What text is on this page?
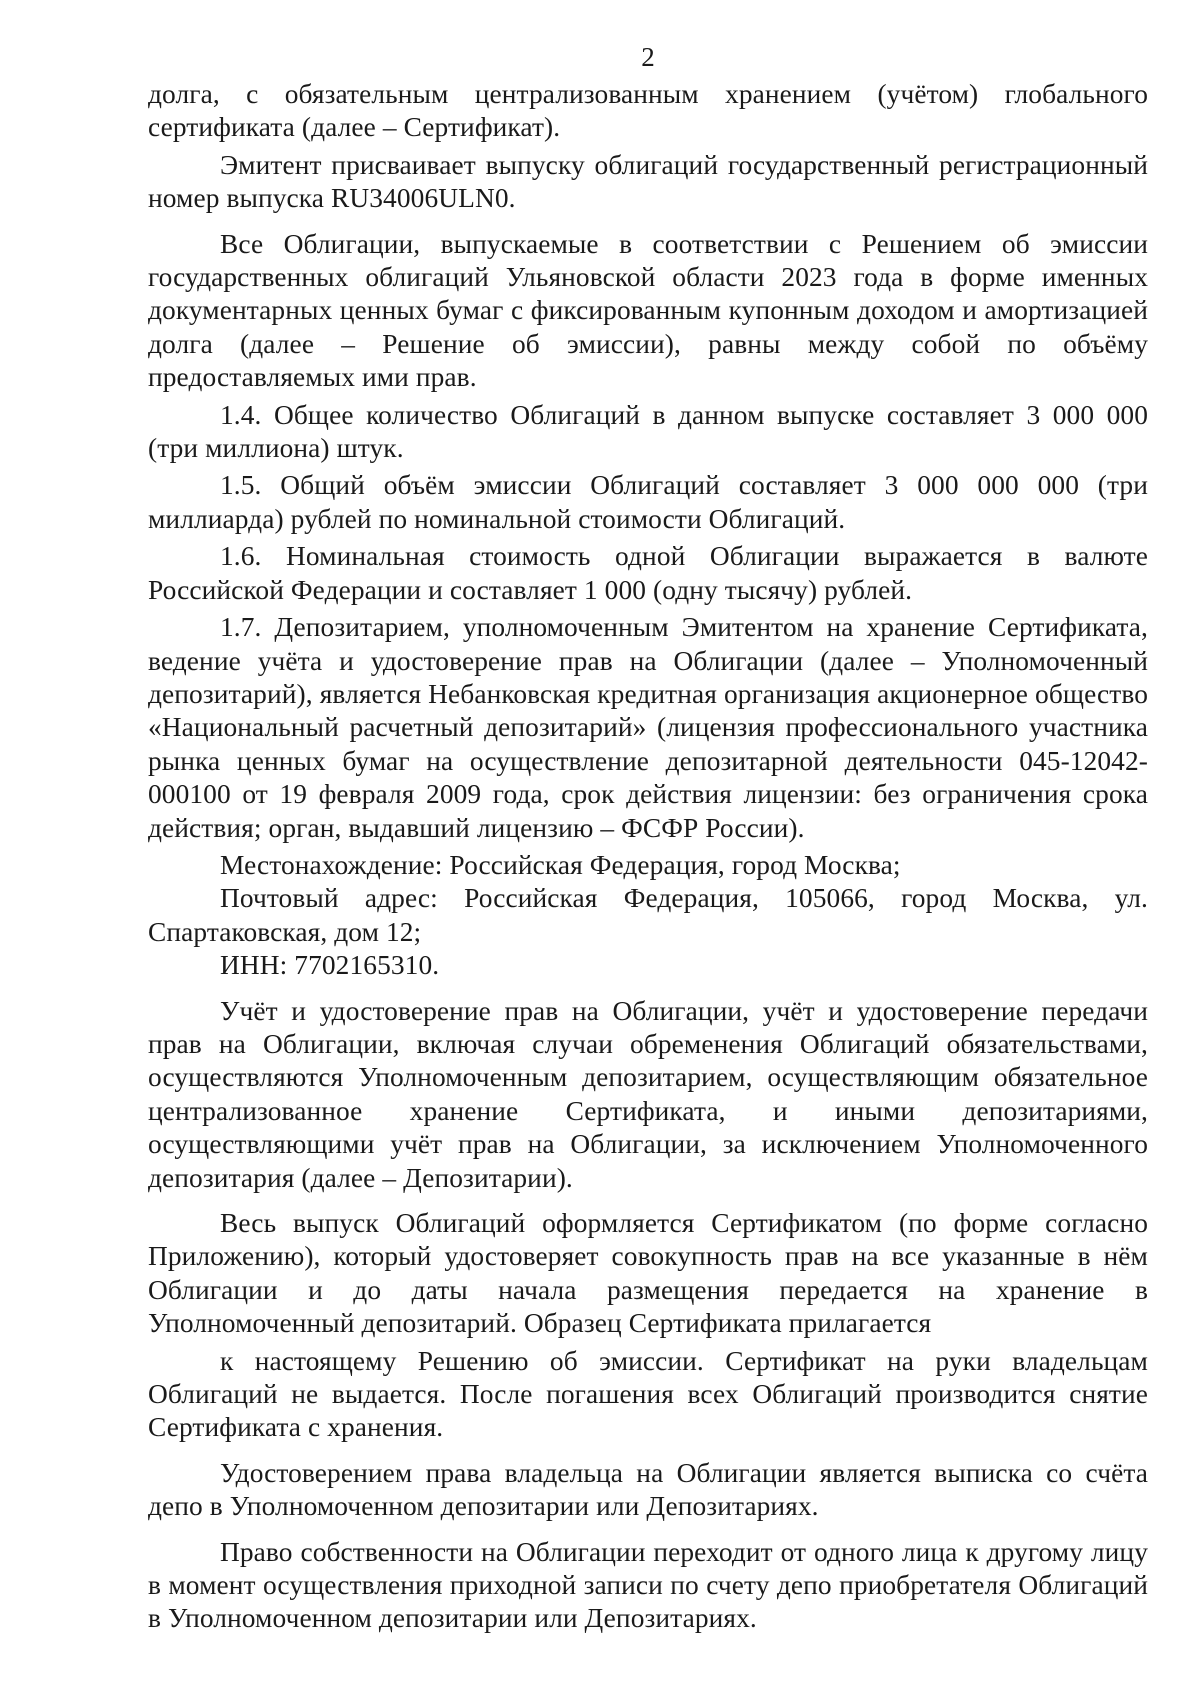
2

долга, с обязательным централизованным хранением (учётом) глобального сертификата (далее – Сертификат).

Эмитент присваивает выпуску облигаций государственный регистрационный номер выпуска RU34006ULN0.

Все Облигации, выпускаемые в соответствии с Решением об эмиссии государственных облигаций Ульяновской области 2023 года в форме именных документарных ценных бумаг с фиксированным купонным доходом и амортизацией долга (далее – Решение об эмиссии), равны между собой по объёму предоставляемых ими прав.

1.4. Общее количество Облигаций в данном выпуске составляет 3 000 000 (три миллиона) штук.

1.5. Общий объём эмиссии Облигаций составляет 3 000 000 000 (три миллиарда) рублей по номинальной стоимости Облигаций.

1.6. Номинальная стоимость одной Облигации выражается в валюте Российской Федерации и составляет 1 000 (одну тысячу) рублей.

1.7. Депозитарием, уполномоченным Эмитентом на хранение Сертификата, ведение учёта и удостоверение прав на Облигации (далее – Уполномоченный депозитарий), является Небанковская кредитная организация акционерное общество «Национальный расчетный депозитарий» (лицензия профессионального участника рынка ценных бумаг на осуществление депозитарной деятельности 045-12042-000100 от 19 февраля 2009 года, срок действия лицензии: без ограничения срока действия; орган, выдавший лицензию – ФСФР России).

Местонахождение: Российская Федерация, город Москва;

Почтовый адрес: Российская Федерация, 105066, город Москва, ул. Спартаковская, дом 12;

ИНН: 7702165310.

Учёт и удостоверение прав на Облигации, учёт и удостоверение передачи прав на Облигации, включая случаи обременения Облигаций обязательствами, осуществляются Уполномоченным депозитарием, осуществляющим обязательное централизованное хранение Сертификата, и иными депозитариями, осуществляющими учёт прав на Облигации, за исключением Уполномоченного депозитария (далее – Депозитарии).

Весь выпуск Облигаций оформляется Сертификатом (по форме согласно Приложению), который удостоверяет совокупность прав на все указанные в нём Облигации и до даты начала размещения передается на хранение в Уполномоченный депозитарий. Образец Сертификата прилагается

к настоящему Решению об эмиссии. Сертификат на руки владельцам Облигаций не выдается. После погашения всех Облигаций производится снятие Сертификата с хранения.

Удостоверением права владельца на Облигации является выписка со счёта депо в Уполномоченном депозитарии или Депозитариях.

Право собственности на Облигации переходит от одного лица к другому лицу в момент осуществления приходной записи по счету депо приобретателя Облигаций в Уполномоченном депозитарии или Депозитариях.
